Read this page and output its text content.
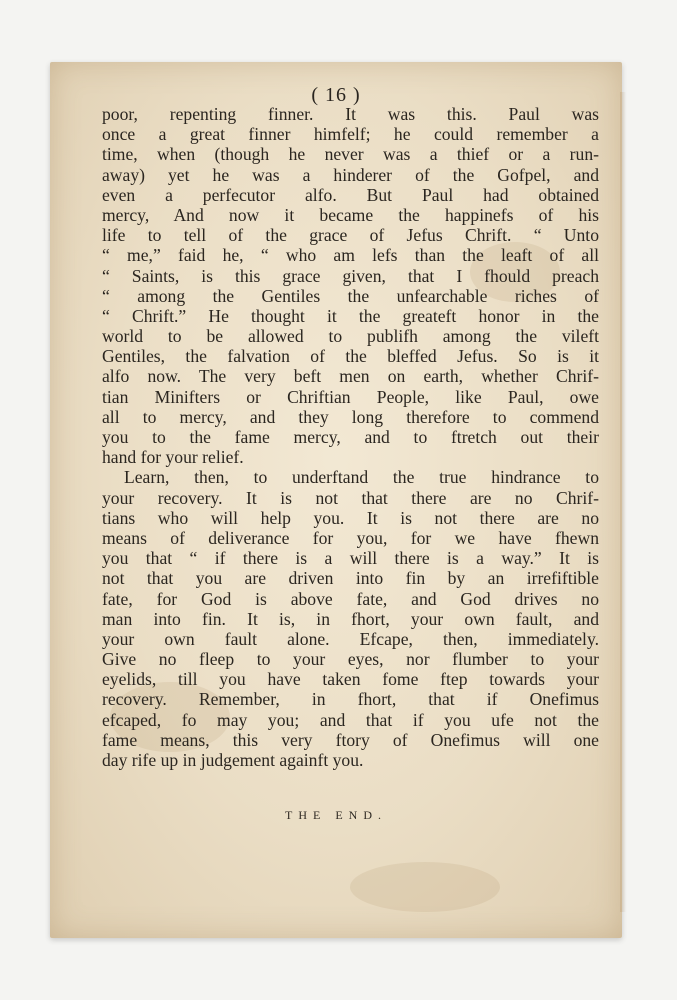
( 16 )
poor, repenting finner. It was this. Paul was
once a great finner himfelf; he could remember a
time, when (though he never was a thief or a run-
away) yet he was a hinderer of the Gofpel, and
even a perfecutor alfo. But Paul had obtained
mercy, And now it became the happinefs of his
life to tell of the grace of Jefus Chrift. “ Unto
“ me,” faid he, “ who am lefs than the leaft of all
“ Saints, is this grace given, that I fhould preach
“ among the Gentiles the unfearchable riches of
“ Chrift.” He thought it the greateft honor in the
world to be allowed to publifh among the vileft
Gentiles, the falvation of the bleffed Jefus. So is it
alfo now. The very beft men on earth, whether Chrif-
tian Minifters or Chriftian People, like Paul, owe
all to mercy, and they long therefore to commend
you to the fame mercy, and to ftretch out their
hand for your relief.
Learn, then, to underftand the true hindrance to
your recovery. It is not that there are no Chrif-
tians who will help you. It is not there are no
means of deliverance for you, for we have fhewn
you that “ if there is a will there is a way.” It is
not that you are driven into fin by an irrefiftible
fate, for God is above fate, and God drives no
man into fin. It is, in fhort, your own fault, and
your own fault alone. Efcape, then, immediately.
Give no fleep to your eyes, nor flumber to your
eyelids, till you have taken fome ftep towards your
recovery. Remember, in fhort, that if Onefimus
efcaped, fo may you; and that if you ufe not the
fame means, this very ftory of Onefimus will one
day rife up in judgement againft you.
THE END.
